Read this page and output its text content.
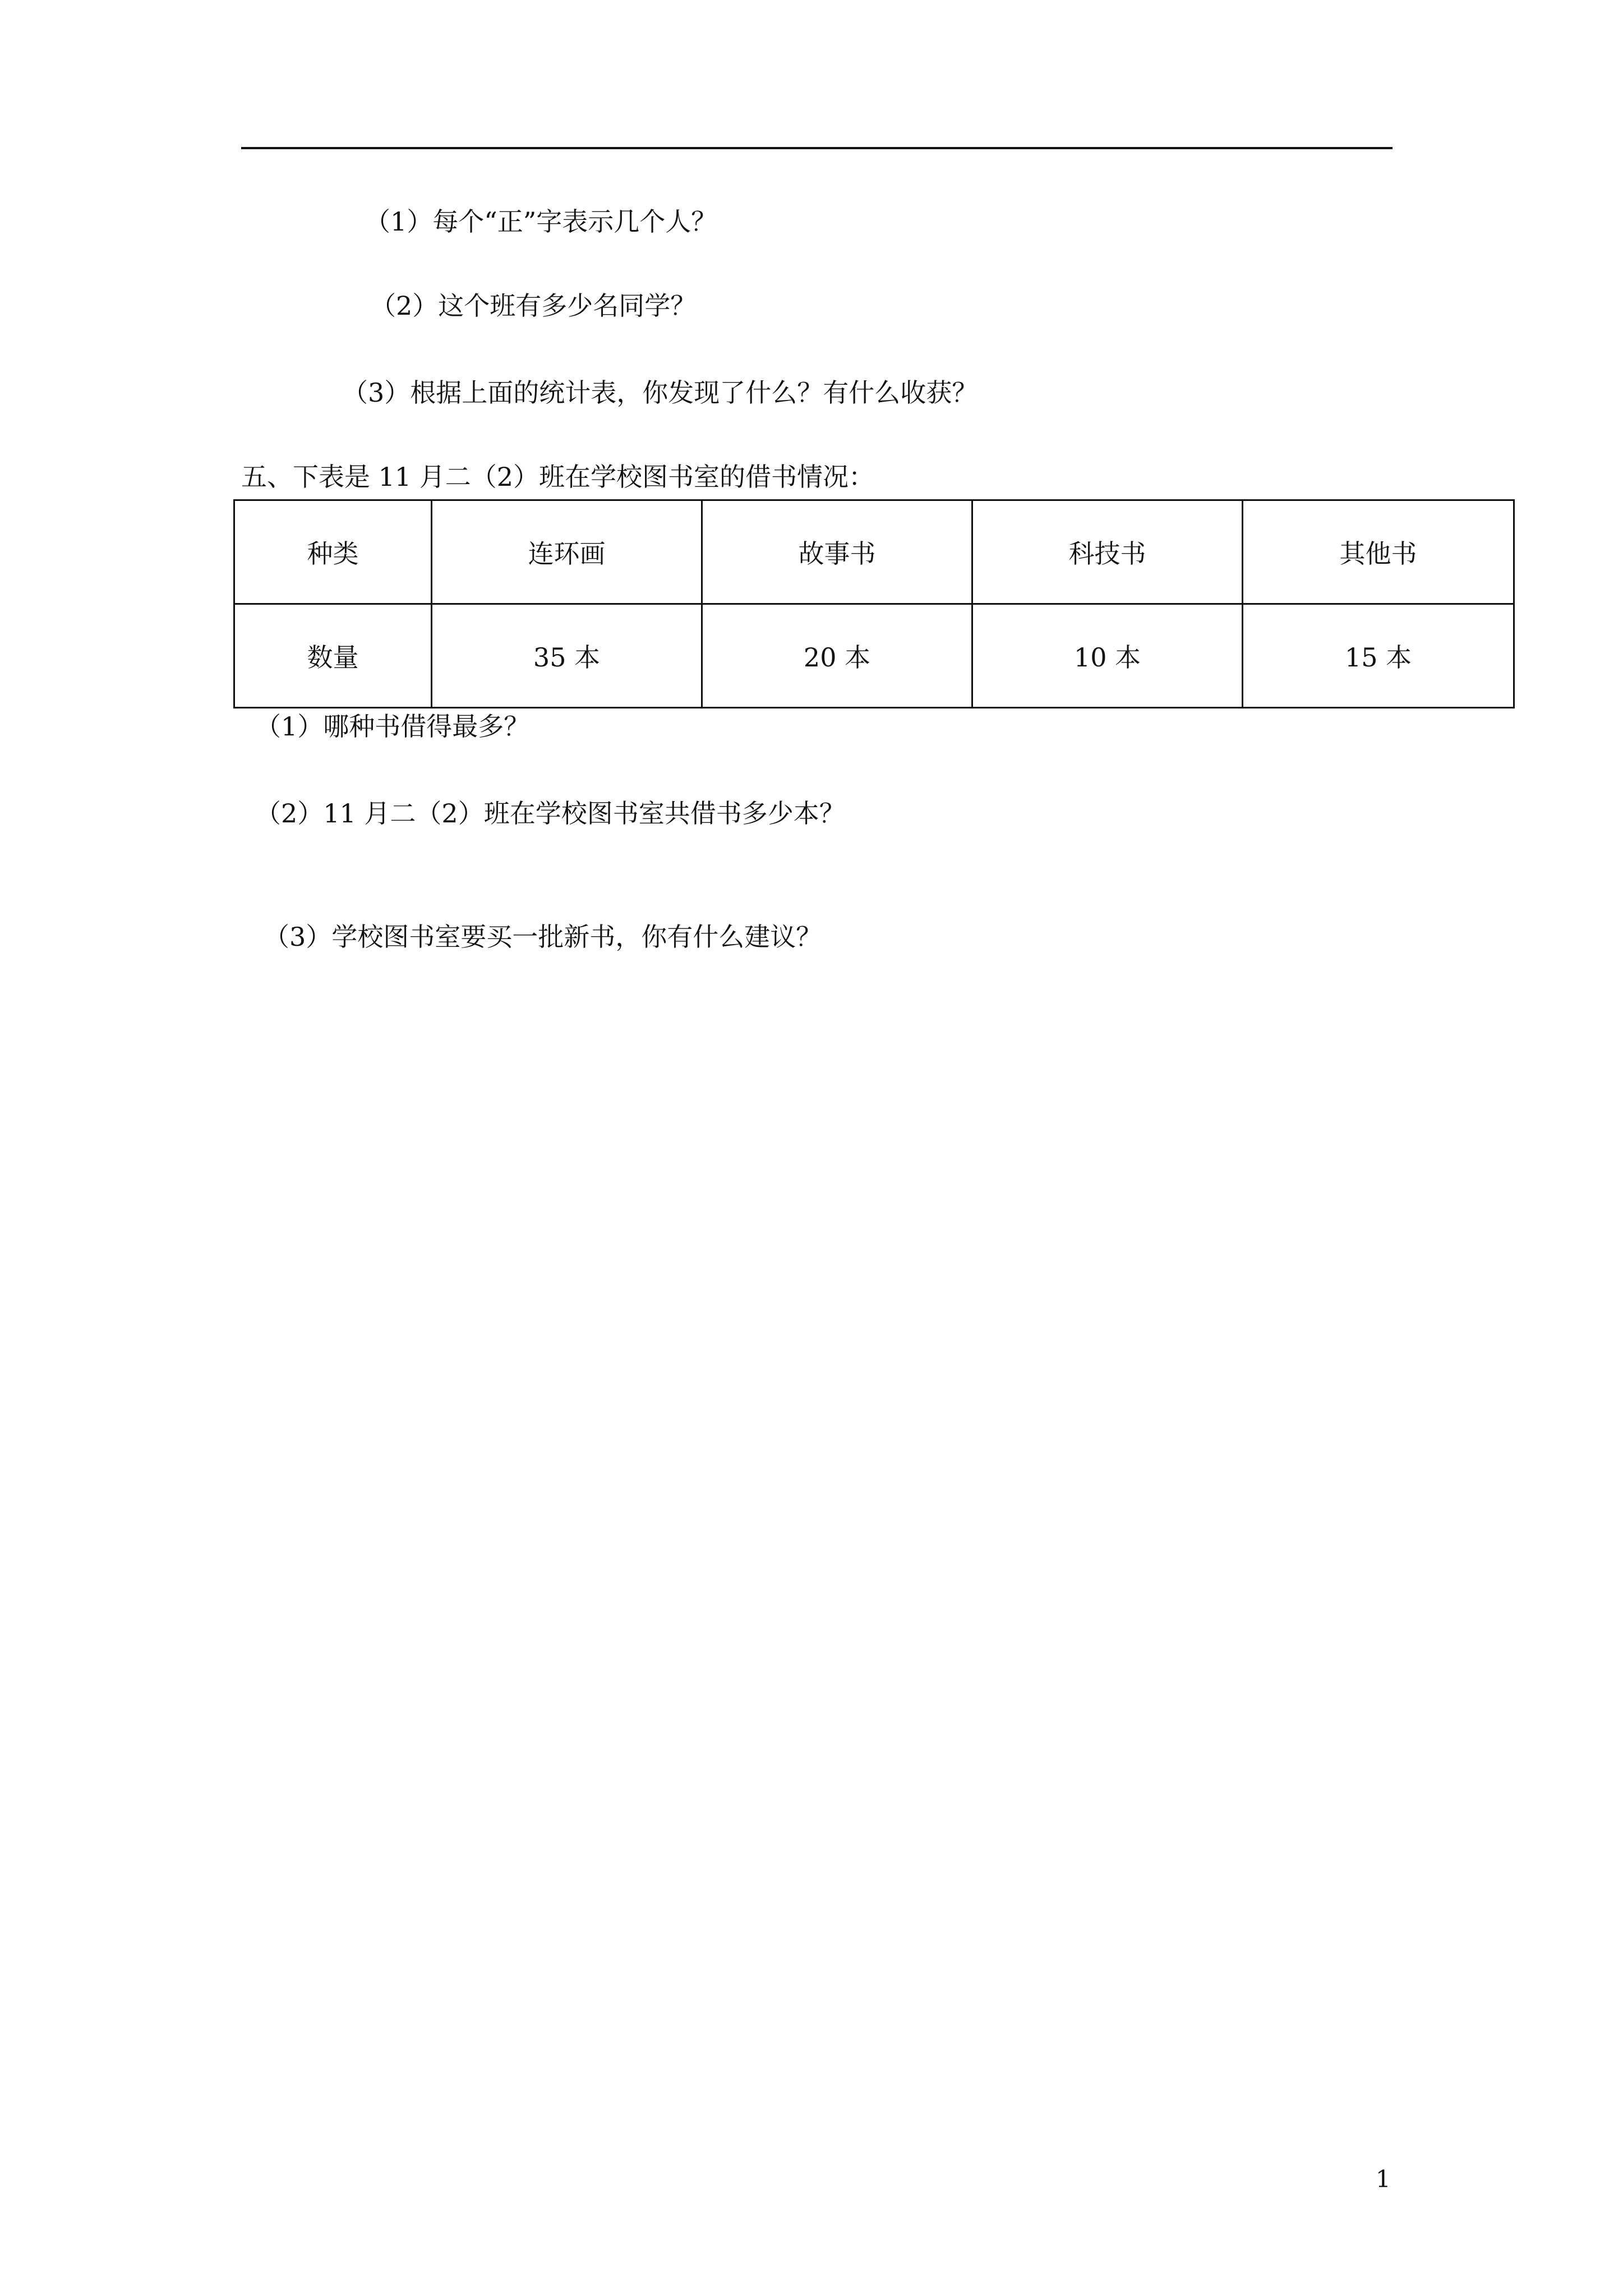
（1）每个“正”字表示几个人？
（2）这个班有多少名同学？
（3）根据上面的统计表，你发现了什么？有什么收获？
五、下表是 11 月二（2）班在学校图书室的借书情况：
种类	连环画	故事书	科技书	其他书
数量	35 本	20 本	10 本	15 本
（1）哪种书借得最多？
（2）11 月二（2）班在学校图书室共借书多少本？
（3）学校图书室要买一批新书，你有什么建议？
1
